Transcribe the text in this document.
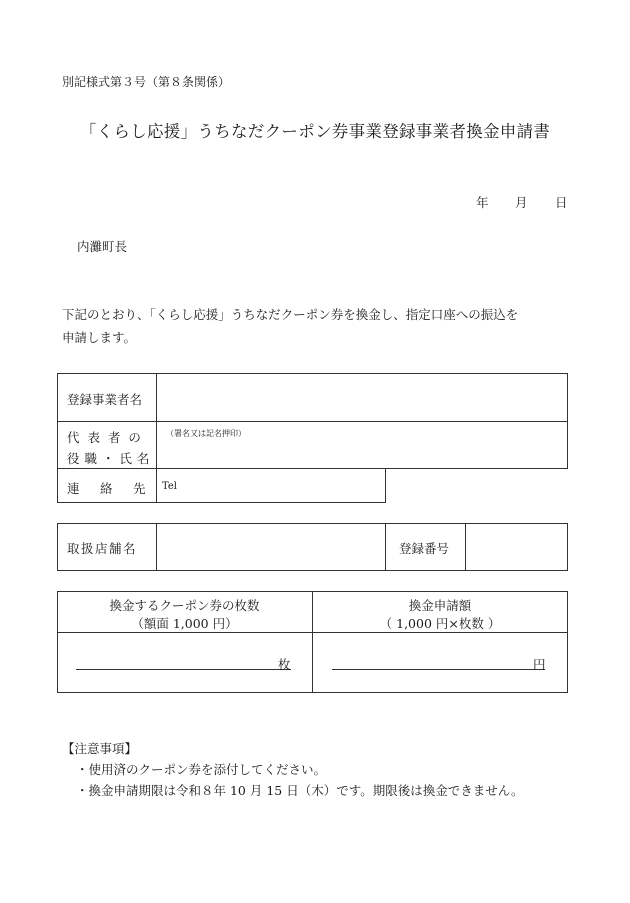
別記様式第３号（第８条関係）
「くらし応援」うちなだクーポン券事業登録事業者換金申請書
年 月 日
内灘町長
下記のとおり、「くらし応援」うちなだクーポン券を換金し、指定口座への振込を
申請します。
登録事業者名
代 表 者 の
役 職 ・ 氏 名
（署名又は記名押印）
連　絡　先 Tel
取扱店舗名	登録番号
換金するクーポン券の枚数
（額面 1,000 円）
換金申請額
（ 1,000 円×枚数 ）
枚	円
【注意事項】
・使用済のクーポン券を添付してください。
・換金申請期限は令和８年 10 月 15 日（木）です。期限後は換金できません。
